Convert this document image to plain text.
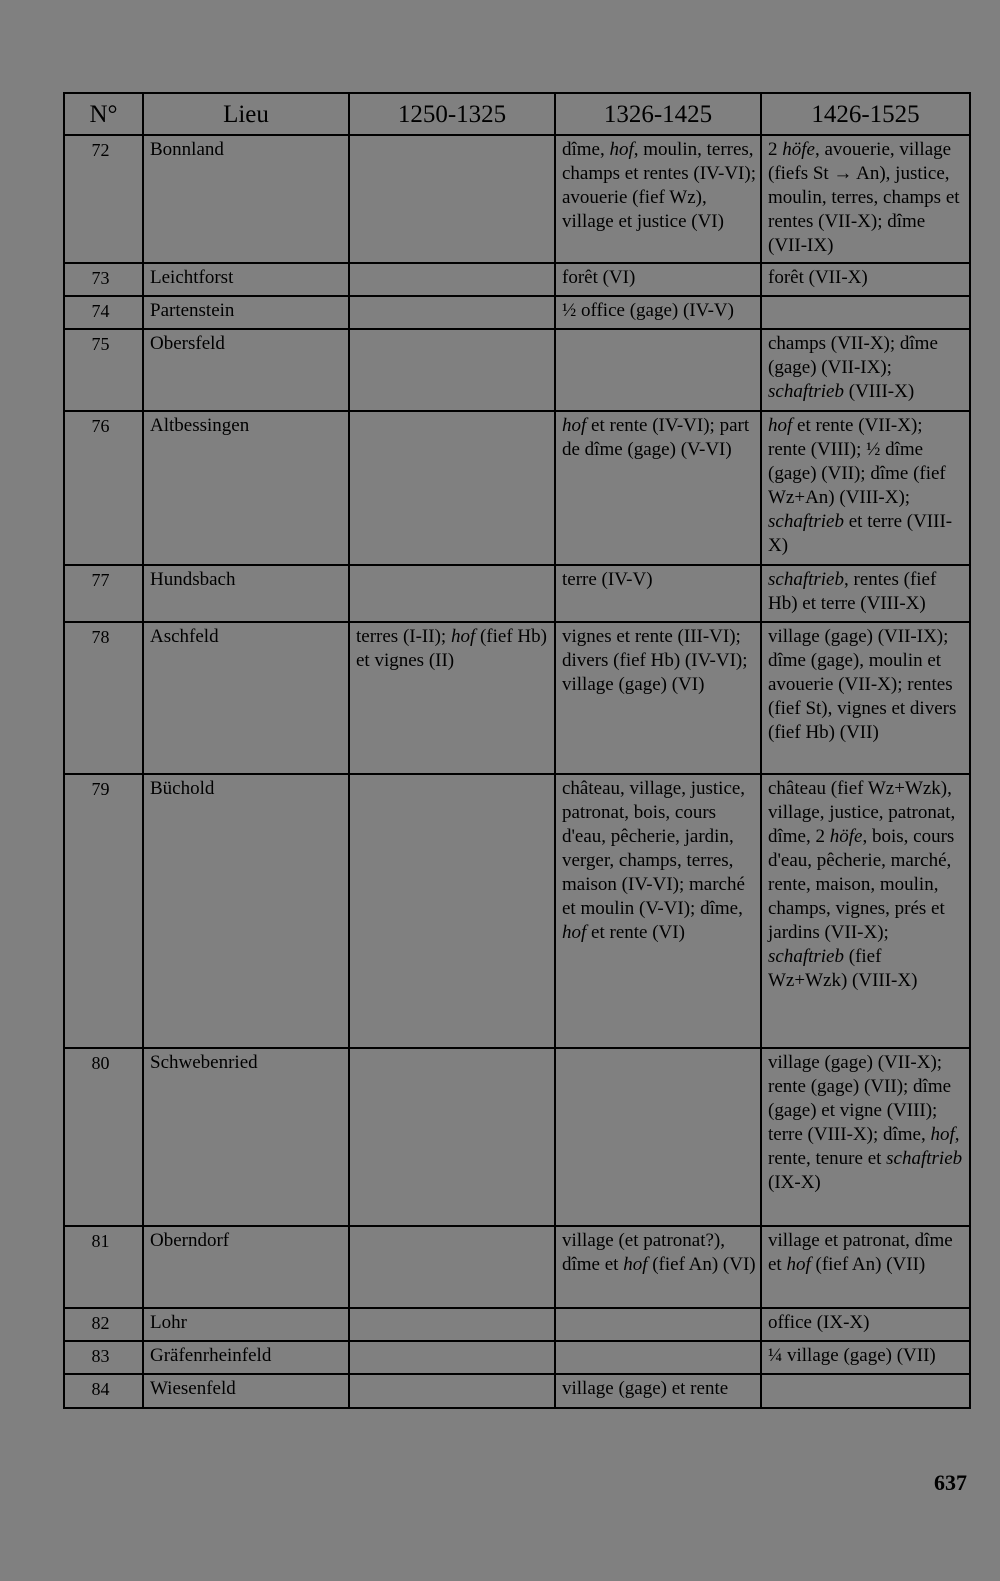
N°	Lieu	1250-1325	1326-1425	1426-1525
72	Bonnland		dîme, hof, moulin, terres, champs et rentes (IV-VI); avouerie (fief Wz), village et justice (VI)	2 höfe, avouerie, village (fiefs St → An), justice, moulin, terres, champs et rentes (VII-X); dîme (VII-IX)
73	Leichtforst		forêt (VI)	forêt (VII-X)
74	Partenstein		½ office (gage) (IV-V)	
75	Obersfeld			champs (VII-X); dîme (gage) (VII-IX); schaftrieb (VIII-X)
76	Altbessingen		hof et rente (IV-VI); part de dîme (gage) (V-VI)	hof et rente (VII-X); rente (VIII); ½ dîme (gage) (VII); dîme (fief Wz+An) (VIII-X); schaftrieb et terre (VIII-X)
77	Hundsbach		terre (IV-V)	schaftrieb, rentes (fief Hb) et terre (VIII-X)
78	Aschfeld	terres (I-II); hof (fief Hb) et vignes (II)	vignes et rente (III-VI); divers (fief Hb) (IV-VI); village (gage) (VI)	village (gage) (VII-IX); dîme (gage), moulin et avouerie (VII-X); rentes (fief St), vignes et divers (fief Hb) (VII)
79	Büchold		château, village, justice, patronat, bois, cours d'eau, pêcherie, jardin, verger, champs, terres, maison (IV-VI); marché et moulin (V-VI); dîme, hof et rente (VI)	château (fief Wz+Wzk), village, justice, patronat, dîme, 2 höfe, bois, cours d'eau, pêcherie, marché, rente, maison, moulin, champs, vignes, prés et jardins (VII-X); schaftrieb (fief Wz+Wzk) (VIII-X)
80	Schwebenried			village (gage) (VII-X); rente (gage) (VII); dîme (gage) et vigne (VIII); terre (VIII-X); dîme, hof, rente, tenure et schaftrieb (IX-X)
81	Oberndorf		village (et patronat?), dîme et hof (fief An) (VI)	village et patronat, dîme et hof (fief An) (VII)
82	Lohr			office (IX-X)
83	Gräfenrheinfeld			¼ village (gage) (VII)
84	Wiesenfeld		village (gage) et rente	
637
